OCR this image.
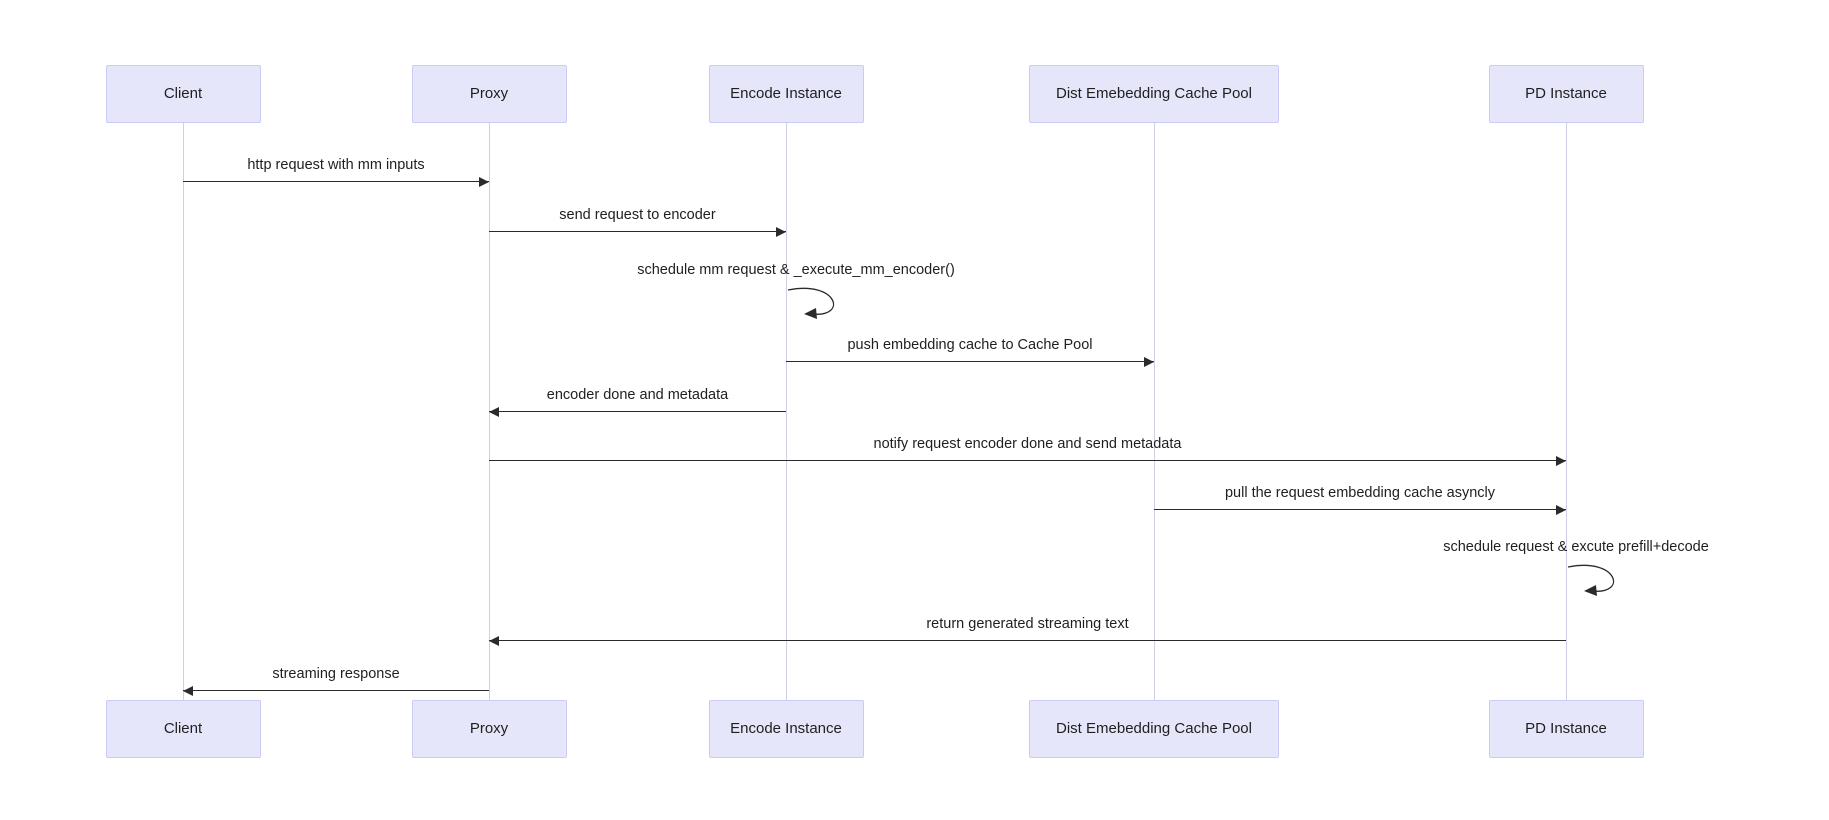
Client	Proxy	Encode Instance	Dist Emebedding Cache Pool	PD Instance
Client	Proxy	Encode Instance	Dist Emebedding Cache Pool	PD Instance
http request with mm inputs
send request to encoder
schedule mm request & _execute_mm_encoder()
push embedding cache to Cache Pool
encoder done and metadata
notify request encoder done and send metadata
pull the request embedding cache asyncly
schedule request & excute prefill+decode
return generated streaming text
streaming response
